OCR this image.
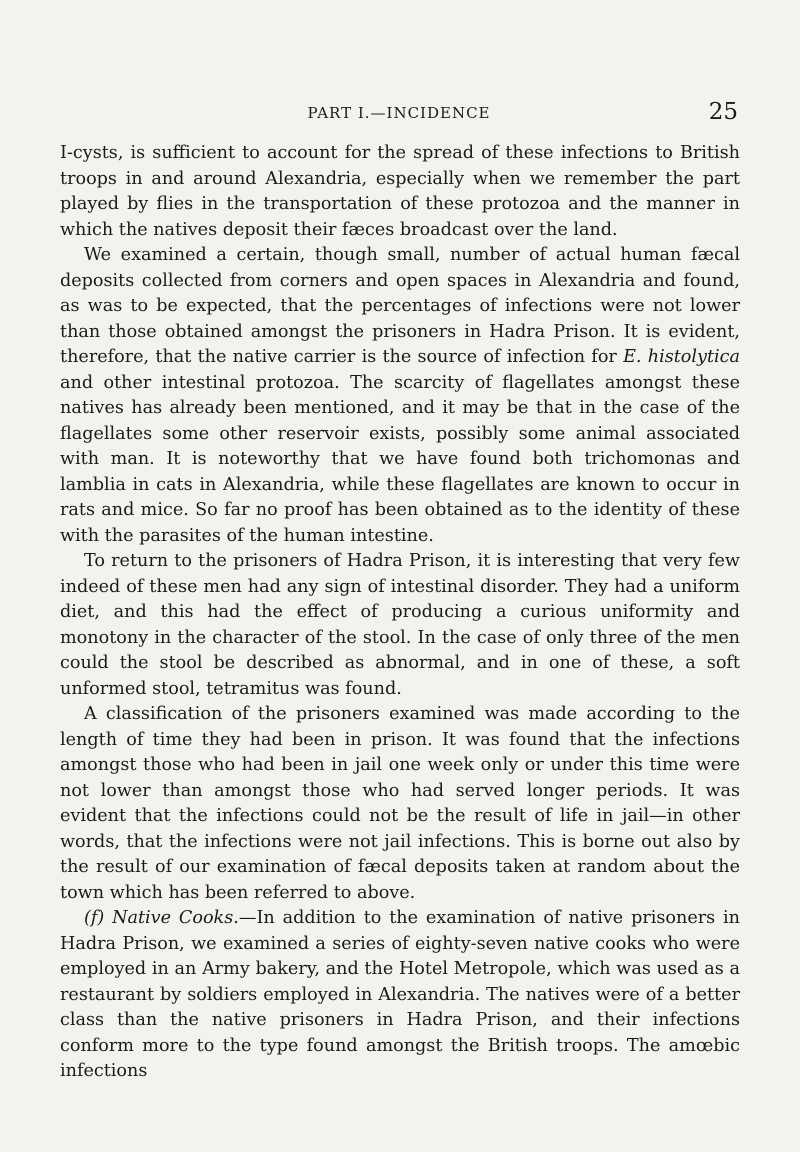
PART I.—INCIDENCE	25

I-cysts, is sufficient to account for the spread of these infections to British troops in and around Alexandria, especially when we remember the part played by flies in the transportation of these protozoa and the manner in which the natives deposit their fæces broadcast over the land.

We examined a certain, though small, number of actual human fæcal deposits collected from corners and open spaces in Alexandria and found, as was to be expected, that the percentages of infections were not lower than those obtained amongst the prisoners in Hadra Prison. It is evident, therefore, that the native carrier is the source of infection for E. histolytica and other intestinal protozoa. The scarcity of flagellates amongst these natives has already been mentioned, and it may be that in the case of the flagellates some other reservoir exists, possibly some animal associated with man. It is noteworthy that we have found both trichomonas and lamblia in cats in Alexandria, while these flagellates are known to occur in rats and mice. So far no proof has been obtained as to the identity of these with the parasites of the human intestine.

To return to the prisoners of Hadra Prison, it is interesting that very few indeed of these men had any sign of intestinal disorder. They had a uniform diet, and this had the effect of producing a curious uniformity and monotony in the character of the stool. In the case of only three of the men could the stool be described as abnormal, and in one of these, a soft unformed stool, tetramitus was found.

A classification of the prisoners examined was made according to the length of time they had been in prison. It was found that the infections amongst those who had been in jail one week only or under this time were not lower than amongst those who had served longer periods. It was evident that the infections could not be the result of life in jail—in other words, that the infections were not jail infections. This is borne out also by the result of our examination of fæcal deposits taken at random about the town which has been referred to above.

(f) Native Cooks.—In addition to the examination of native prisoners in Hadra Prison, we examined a series of eighty-seven native cooks who were employed in an Army bakery, and the Hotel Metropole, which was used as a restaurant by soldiers employed in Alexandria. The natives were of a better class than the native prisoners in Hadra Prison, and their infections conform more to the type found amongst the British troops. The amœbic infections
